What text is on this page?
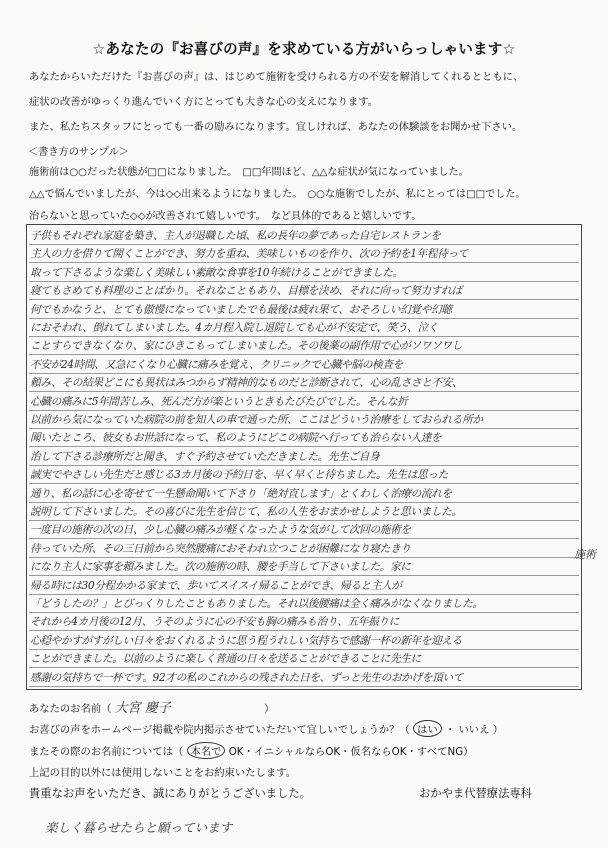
☆あなたの『お喜びの声』を求めている方がいらっしゃいます☆
あなたからいただけた『お喜びの声』は、はじめて施術を受けられる方の不安を解消してくれるとともに、
症状の改善がゆっくり進んでいく方にとっても大きな心の支えになります。
また、私たちスタッフにとっても一番の励みになります。宜しければ、あなたの体験談をお聞かせ下さい。
＜書き方のサンプル＞
施術前は○○だった状態が□□になりました。　□□年間ほど、△△な症状が気になっていました。
△△で悩んでいましたが、今は◇◇出来るようになりました。　○○な施術でしたが、私にとっては□□でした。
治らないと思っていた◇◇が改善されて嬉しいです。　など具体的であると嬉しいです。
子供もそれぞれ家庭を築き、主人が退職した頃、私の長年の夢であった自宅レストランを
主人の力を借りて開くことができ、努力を重ね、美味しいものを作り、次の予約を1年程待って
取って下さるような楽しく美味しい素敵な食事を10年続けることができました。
寝てもさめても料理のことばかり。それなこともあり、目標を決め、それに向って努力すれば
何でもかなうと、とても傲慢になっていましたでも最後は疲れ果て、おそろしい幻覚や幻聴
におそわれ、倒れてしまいました。4カ月程入院し退院しても心が不安定で、笑う、泣く
ことすらできなくなり、家にひきこもってしまいました。その後薬の副作用で心がソワソワし
不安が24時間、又急にくなり心臓に痛みを覚え、クリニックで心臓や脳の検査を
頼み、その結果どこにも異状はみつからず精神的なものだと診断されて、心の乱ささと不安、
心臓の痛みに5年間苦しみ、死んだ方が楽というときもたびたびでした。そんな折
以前から気になっていた病院の前を知人の車で通った所、ここはどういう治療をしておられる所か
聞いたところ、彼女もお世話になって、私のようにどこの病院へ行っても治らない人達を
治して下さる診療所だと聞き、すぐ予約させていただきました。先生ご自身
誠実でやさしい先生だと感じる3カ月後の予約日を、早く早くと待ちました。先生は思った
通り、私の話に心を寄せて一生懸命聞いて下さり「絶対直します」とくわしく治療の流れを
説明して下さいました。その喜びに先生を信じて、私の人生をおまかせしようと思いました。
一度目の施術の次の日、少し心臓の痛みが軽くなったような気がして次回の施術を
待っていた所、その三日前から突然腰痛におそわれ立つことが困難になり寝たきり
になり主人に家事を頼みました。次の施術の時、腰を手当して下さいました。家に
帰る時には30分程かかる家まで、歩いてスイスイ帰ることができ、帰ると主人が
「どうしたの？」とびっくりしたこともありました。それ以後腰痛は全く痛みがなくなりました。
それから4カ月後の12月、うそのように心の不安も胸の痛みも治り、五年振りに
心穏やかすがすがしい日々をおくれるように思う程うれしい気持ちで感謝一杯の新年を迎える
ことができました。以前のように楽しく普通の日々を送ることができることに先生に
感謝の気持ちで一杯です。92才の私のこれからの残された日を、ずっと先生のおかげを頂いて
施術
あなたのお名前（ 大宮 慶子	）
お喜びの声をホームページ掲載や院内掲示させていただいて宜しいでしょうか？（ はい ・ いいえ ）
またその際のお名前については（ 本名で OK・イニシャルならOK・仮名ならOK・すべてNG）
上記の目的以外には使用しないことをお約束いたします。
貴重なお声をいただき、誠にありがとうございました。	おかやま代替療法専科
楽しく暮らせたらと願っています
